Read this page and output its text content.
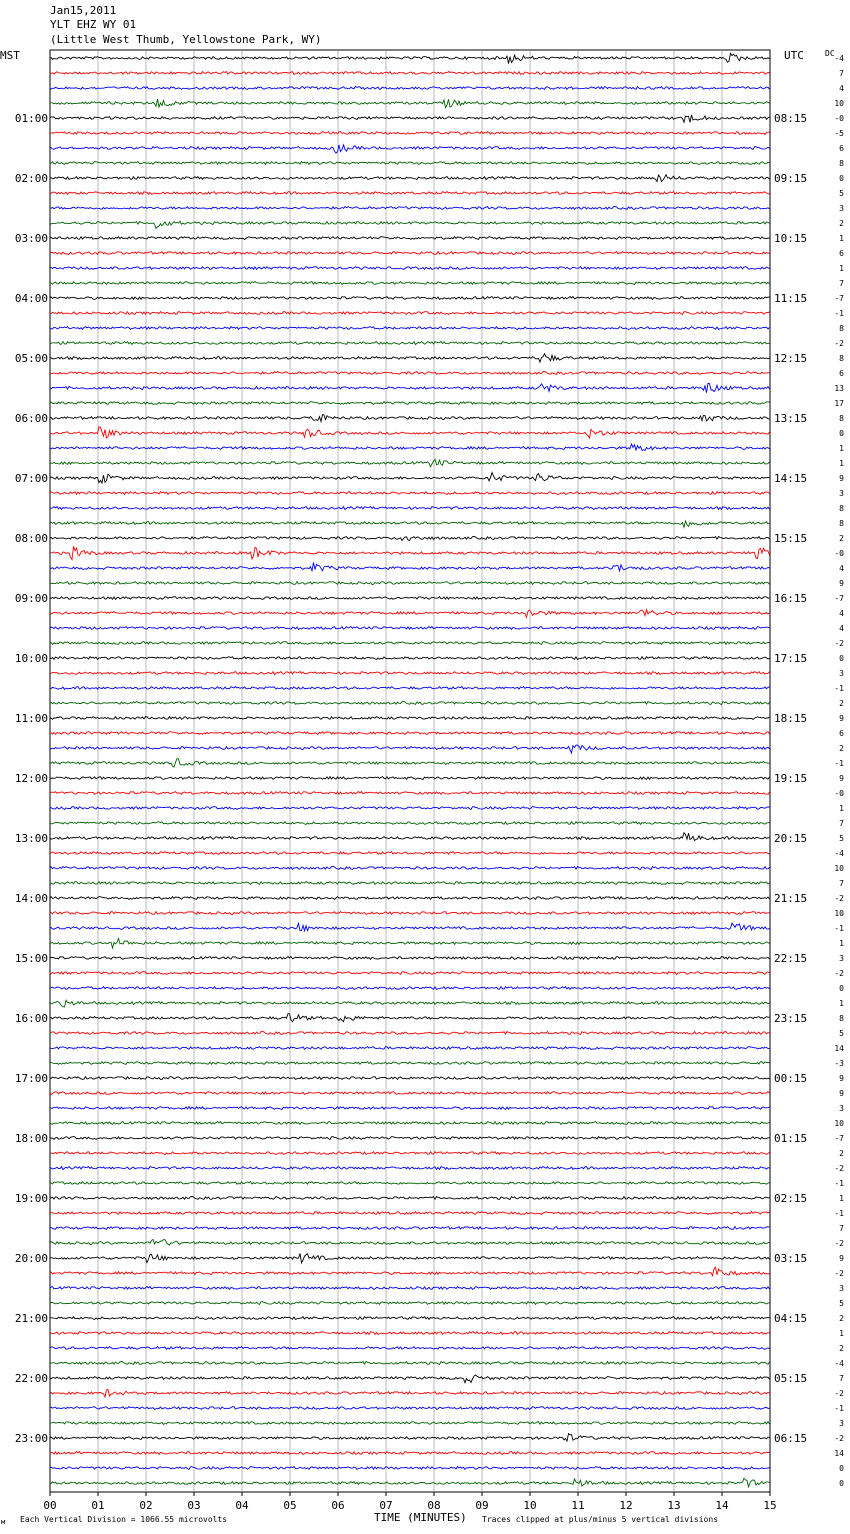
Jan15,2011
YLT EHZ WY 01
(Little West Thumb, Yellowstone Park, WY)
MST	UTC	DC
-4
7
4
10
-0
-5
6
8
0
5
3
2
1
6
1
7
-7
-1
8
-2
8
6
13
17
8
0
1
1
9
3
8
8
2
-0
4
9
-7
4
4
-2
0
3
-1
2
9
6
2
-1
9
-0
1
7
5
-4
10
7
-2
10
-1
1
3
-2
0
1
8
5
14
-3
9
9
3
10
-7
2
-2
-1
1
-1
7
-2
9
-2
3
5
2
1
2
-4
7
-2
-1
3
-2
14
0
0
01:00
02:00
03:00
04:00
05:00
06:00
07:00
08:00
09:00
10:00
11:00
12:00
13:00
14:00
15:00
16:00
17:00
18:00
19:00
20:00
21:00
22:00
23:00
08:15
09:15
10:15
11:15
12:15
13:15
14:15
15:15
16:15
17:15
18:15
19:15
20:15
21:15
22:15
23:15
00:15
01:15
02:15
03:15
04:15
05:15
06:15
00	01	02	03	04	05	06	07	08	09	10	11	12	13	14	15
м Each Vertical Division = 1066.55 microvolts	TIME (MINUTES) Traces clipped at plus/minus 5 vertical divisions
